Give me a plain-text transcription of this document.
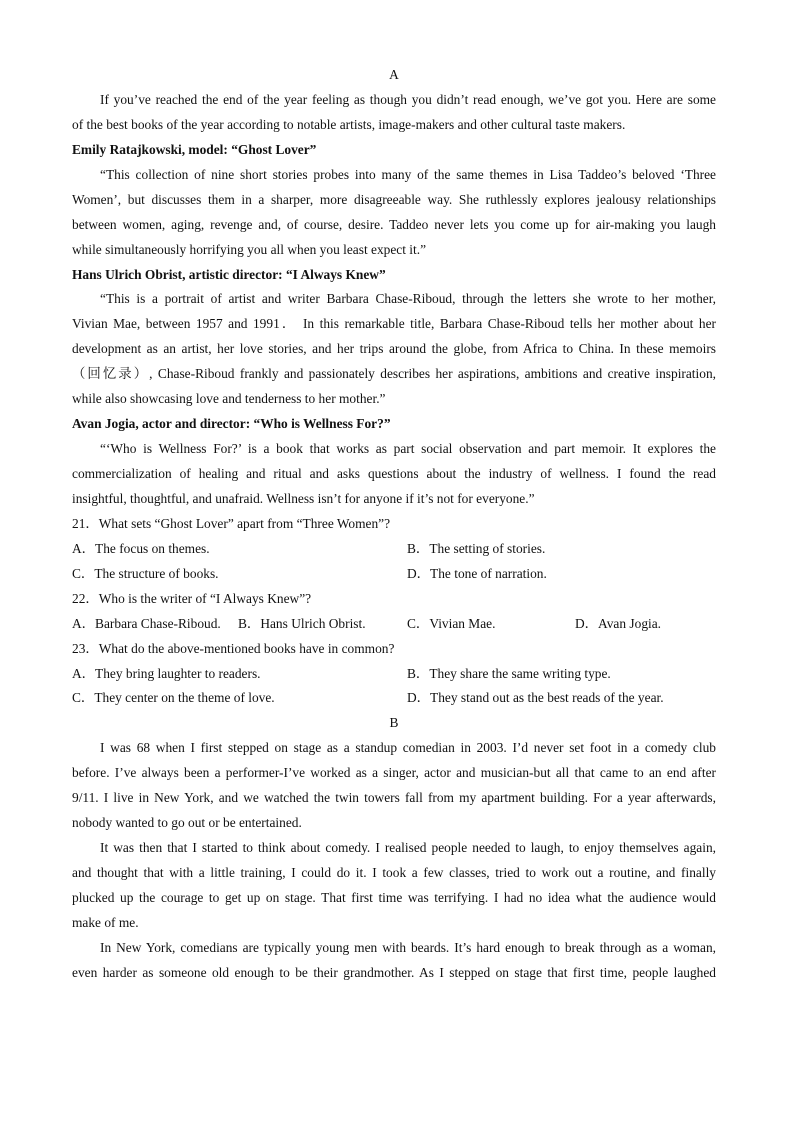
A
If you’ve reached the end of the year feeling as though you didn’t read enough, we’ve got you. Here are some
of the best books of the year according to notable artists, image-makers and other cultural taste makers.
Emily Ratajkowski, model: “Ghost Lover”
“This collection of nine short stories probes into many of the same themes in Lisa Taddeo’s beloved ‘Three
Women’, but discusses them in a sharper, more disagreeable way. She ruthlessly explores jealousy relationships
between women, aging, revenge and, of course, desire. Taddeo never lets you come up for air-making you laugh
while simultaneously horrifying you all when you least expect it.”
Hans Ulrich Obrist, artistic director: “I Always Knew”
“This is a portrait of artist and writer Barbara Chase-Riboud, through the letters she wrote to her mother,
Vivian Mae, between 1957 and 1991． In this remarkable title, Barbara Chase-Riboud tells her mother about her
development as an artist, her love stories, and her trips around the globe, from Africa to China. In these memoirs
（回忆录）, Chase-Riboud frankly and passionately describes her aspirations, ambitions and creative inspiration,
while also showcasing love and tenderness to her mother.”
Avan Jogia, actor and director: “Who is Wellness For?”
“‘Who is Wellness For?’ is a book that works as part social observation and part memoir. It explores the
commercialization of healing and ritual and asks questions about the industry of wellness. I found the read
insightful, thoughtful, and unafraid. Wellness isn’t for anyone if it’s not for everyone.”
21．What sets “Ghost Lover” apart from “Three Women”?
A．The focus on themes.	B．The setting of stories.
C．The structure of books.	D．The tone of narration.
22．Who is the writer of “I Always Knew”?
A．Barbara Chase-Riboud. B．Hans Ulrich Obrist.	C．Vivian Mae.	D．Avan Jogia.
23．What do the above-mentioned books have in common?
A．They bring laughter to readers.	B．They share the same writing type.
C．They center on the theme of love.	D．They stand out as the best reads of the year.
B
I was 68 when I first stepped on stage as a standup comedian in 2003. I’d never set foot in a comedy club
before. I’ve always been a performer-I’ve worked as a singer, actor and musician-but all that came to an end after
9/11. I live in New York, and we watched the twin towers fall from my apartment building. For a year afterwards,
nobody wanted to go out or be entertained.
It was then that I started to think about comedy. I realised people needed to laugh, to enjoy themselves again,
and thought that with a little training, I could do it. I took a few classes, tried to work out a routine, and finally
plucked up the courage to get up on stage. That first time was terrifying. I had no idea what the audience would
make of me.
In New York, comedians are typically young men with beards. It’s hard enough to break through as a woman,
even harder as someone old enough to be their grandmother. As I stepped on stage that first time, people laughed
